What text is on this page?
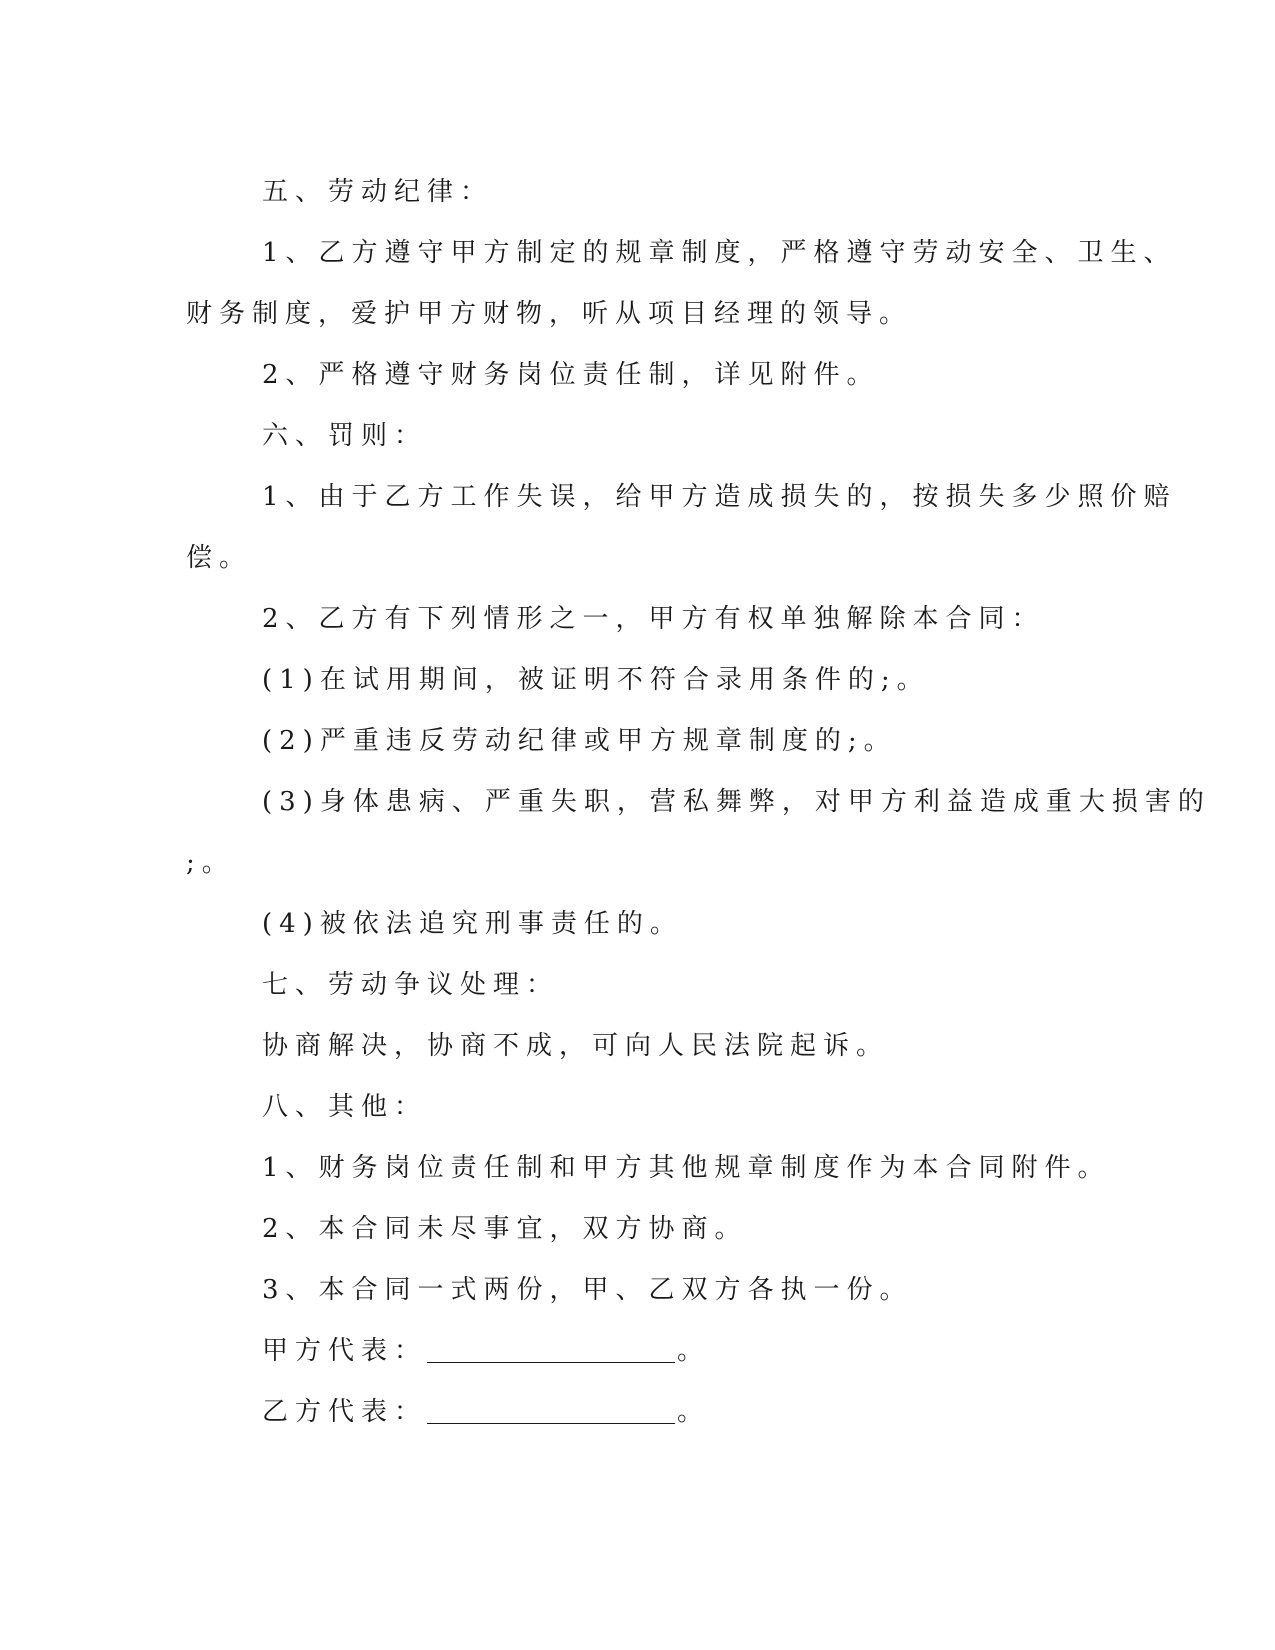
五、劳动纪律：
1、乙方遵守甲方制定的规章制度，严格遵守劳动安全、卫生、
财务制度，爱护甲方财物，听从项目经理的领导。
2、严格遵守财务岗位责任制，详见附件。
六、罚则：
1、由于乙方工作失误，给甲方造成损失的，按损失多少照价赔
偿。
2、乙方有下列情形之一，甲方有权单独解除本合同：
(1)在试用期间，被证明不符合录用条件的;。
(2)严重违反劳动纪律或甲方规章制度的;。
(3)身体患病、严重失职，营私舞弊，对甲方利益造成重大损害的
;。
(4)被依法追究刑事责任的。
七、劳动争议处理：
协商解决，协商不成，可向人民法院起诉。
八、其他：
1、财务岗位责任制和甲方其他规章制度作为本合同附件。
2、本合同未尽事宜，双方协商。
3、本合同一式两份，甲、乙双方各执一份。
甲方代表：	。
乙方代表：	。
